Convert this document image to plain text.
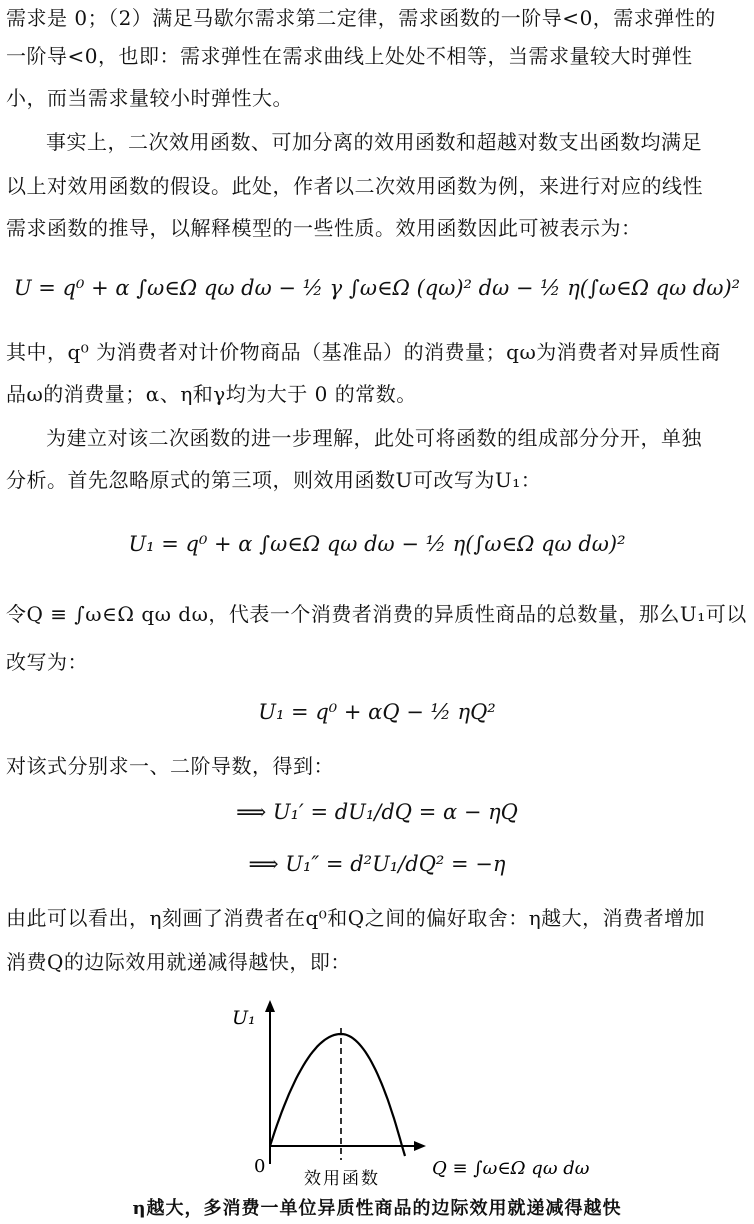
需求是 0；（2）满足马歇尔需求第二定律，需求函数的一阶导<0，需求弹性的
一阶导<0，也即：需求弹性在需求曲线上处处不相等，当需求量较大时弹性
小，而当需求量较小时弹性大。
事实上，二次效用函数、可加分离的效用函数和超越对数支出函数均满足
以上对效用函数的假设。此处，作者以二次效用函数为例，来进行对应的线性
需求函数的推导，以解释模型的一些性质。效用函数因此可被表示为：
U = q⁰ + α ∫ω∈Ω qω dω − ½ γ ∫ω∈Ω (qω)² dω − ½ η(∫ω∈Ω qω dω)²
其中，q⁰ 为消费者对计价物商品（基准品）的消费量；qω为消费者对异质性商
品ω的消费量；α、η和γ均为大于 0 的常数。
为建立对该二次函数的进一步理解，此处可将函数的组成部分分开，单独
分析。首先忽略原式的第三项，则效用函数U可改写为U₁：
U₁ = q⁰ + α ∫ω∈Ω qω dω − ½ η(∫ω∈Ω qω dω)²
令Q ≡ ∫ω∈Ω qω dω，代表一个消费者消费的异质性商品的总数量，那么U₁可以
改写为：
U₁ = q⁰ + αQ − ½ ηQ²
对该式分别求一、二阶导数，得到：
⟹ U₁′ = dU₁/dQ = α − ηQ
⟹ U₁″ = d²U₁/dQ² = −η
由此可以看出，η刻画了消费者在q⁰和Q之间的偏好取舍：η越大，消费者增加
消费Q的边际效用就递减得越快，即：
U₁
0
效用函数	Q ≡ ∫ω∈Ω qω dω
η越大，多消费一单位异质性商品的边际效用就递减得越快
